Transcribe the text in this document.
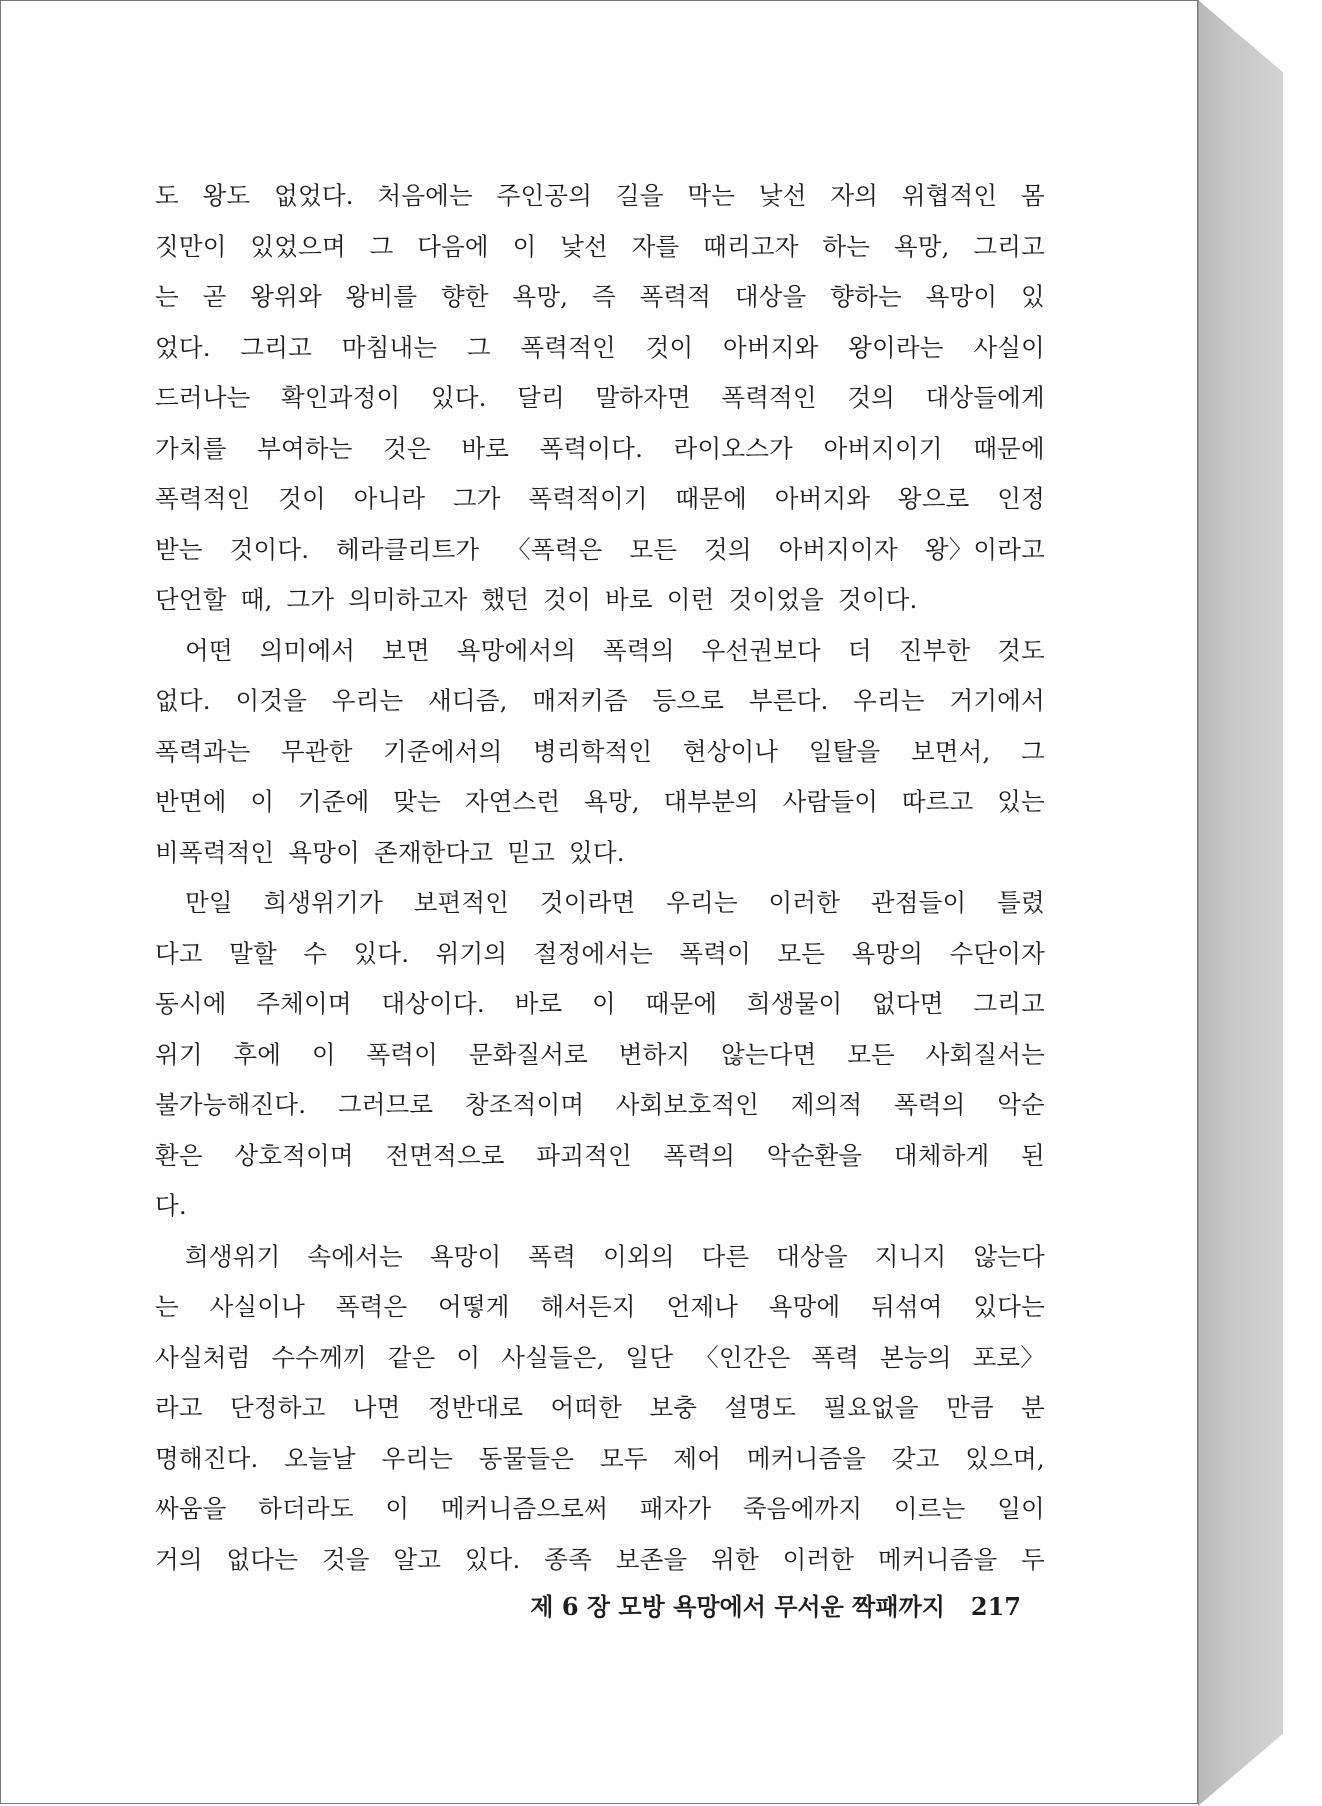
도 왕도 없었다. 처음에는 주인공의 길을 막는 낯선 자의 위협적인 몸
짓만이 있었으며 그 다음에 이 낯선 자를 때리고자 하는 욕망, 그리고
는 곧 왕위와 왕비를 향한 욕망, 즉 폭력적 대상을 향하는 욕망이 있
었다. 그리고 마침내는 그 폭력적인 것이 아버지와 왕이라는 사실이
드러나는 확인과정이 있다. 달리 말하자면 폭력적인 것의 대상들에게
가치를 부여하는 것은 바로 폭력이다. 라이오스가 아버지이기 때문에
폭력적인 것이 아니라 그가 폭력적이기 때문에 아버지와 왕으로 인정
받는 것이다. 헤라클리트가 〈폭력은 모든 것의 아버지이자 왕〉이라고
단언할 때, 그가 의미하고자 했던 것이 바로 이런 것이었을 것이다.
어떤 의미에서 보면 욕망에서의 폭력의 우선권보다 더 진부한 것도
없다. 이것을 우리는 새디즘, 매저키즘 등으로 부른다. 우리는 거기에서
폭력과는 무관한 기준에서의 병리학적인 현상이나 일탈을 보면서, 그
반면에 이 기준에 맞는 자연스런 욕망, 대부분의 사람들이 따르고 있는
비폭력적인 욕망이 존재한다고 믿고 있다.
만일 희생위기가 보편적인 것이라면 우리는 이러한 관점들이 틀렸
다고 말할 수 있다. 위기의 절정에서는 폭력이 모든 욕망의 수단이자
동시에 주체이며 대상이다. 바로 이 때문에 희생물이 없다면 그리고
위기 후에 이 폭력이 문화질서로 변하지 않는다면 모든 사회질서는
불가능해진다. 그러므로 창조적이며 사회보호적인 제의적 폭력의 악순
환은 상호적이며 전면적으로 파괴적인 폭력의 악순환을 대체하게 된
다.
희생위기 속에서는 욕망이 폭력 이외의 다른 대상을 지니지 않는다
는 사실이나 폭력은 어떻게 해서든지 언제나 욕망에 뒤섞여 있다는
사실처럼 수수께끼 같은 이 사실들은, 일단 〈인간은 폭력 본능의 포로〉
라고 단정하고 나면 정반대로 어떠한 보충 설명도 필요없을 만큼 분
명해진다. 오늘날 우리는 동물들은 모두 제어 메커니즘을 갖고 있으며,
싸움을 하더라도 이 메커니즘으로써 패자가 죽음에까지 이르는 일이
거의 없다는 것을 알고 있다. 종족 보존을 위한 이러한 메커니즘을 두
제 6 장 모방 욕망에서 무서운 짝패까지 217
